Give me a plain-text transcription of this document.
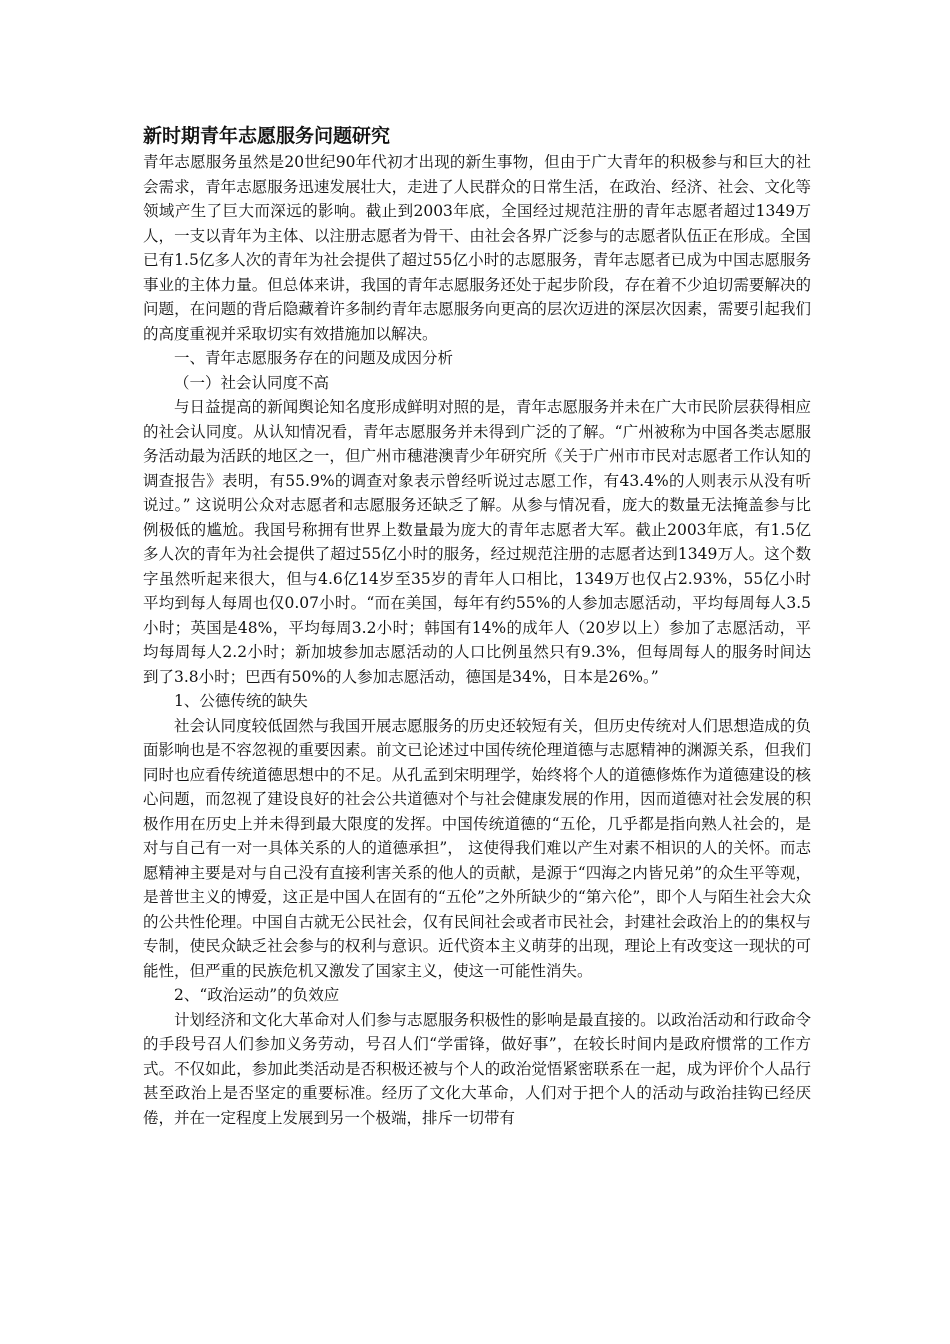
新时期青年志愿服务问题研究

青年志愿服务虽然是20世纪90年代初才出现的新生事物，但由于广大青年的积极参与和巨大的社会需求，青年志愿服务迅速发展壮大，走进了人民群众的日常生活，在政治、经济、社会、文化等领域产生了巨大而深远的影响。截止到2003年底，全国经过规范注册的青年志愿者超过1349万人，一支以青年为主体、以注册志愿者为骨干、由社会各界广泛参与的志愿者队伍正在形成。全国已有1.5亿多人次的青年为社会提供了超过55亿小时的志愿服务，青年志愿者已成为中国志愿服务事业的主体力量。但总体来讲，我国的青年志愿服务还处于起步阶段，存在着不少迫切需要解决的问题，在问题的背后隐藏着许多制约青年志愿服务向更高的层次迈进的深层次因素，需要引起我们的高度重视并采取切实有效措施加以解决。

一、青年志愿服务存在的问题及成因分析

（一）社会认同度不高

与日益提高的新闻舆论知名度形成鲜明对照的是，青年志愿服务并未在广大市民阶层获得相应的社会认同度。从认知情况看，青年志愿服务并未得到广泛的了解。“广州被称为中国各类志愿服务活动最为活跃的地区之一，但广州市穗港澳青少年研究所《关于广州市市民对志愿者工作认知的调查报告》表明，有55.9%的调查对象表示曾经听说过志愿工作，有43.4%的人则表示从没有听说过。” 这说明公众对志愿者和志愿服务还缺乏了解。从参与情况看，庞大的数量无法掩盖参与比例极低的尴尬。我国号称拥有世界上数量最为庞大的青年志愿者大军。截止2003年底，有1.5亿多人次的青年为社会提供了超过55亿小时的服务，经过规范注册的志愿者达到1349万人。这个数字虽然听起来很大，但与4.6亿14岁至35岁的青年人口相比，1349万也仅占2.93%，55亿小时平均到每人每周也仅0.07小时。“而在美国，每年有约55%的人参加志愿活动，平均每周每人3.5小时；英国是48%，平均每周3.2小时；韩国有14%的成年人（20岁以上）参加了志愿活动，平均每周每人2.2小时；新加坡参加志愿活动的人口比例虽然只有9.3%，但每周每人的服务时间达到了3.8小时；巴西有50%的人参加志愿活动，德国是34%，日本是26%。”

1、公德传统的缺失

社会认同度较低固然与我国开展志愿服务的历史还较短有关，但历史传统对人们思想造成的负面影响也是不容忽视的重要因素。前文已论述过中国传统伦理道德与志愿精神的渊源关系，但我们同时也应看传统道德思想中的不足。从孔孟到宋明理学，始终将个人的道德修炼作为道德建设的核心问题，而忽视了建设良好的社会公共道德对个与社会健康发展的作用，因而道德对社会发展的积极作用在历史上并未得到最大限度的发挥。中国传统道德的“五伦，几乎都是指向熟人社会的，是对与自己有一对一具体关系的人的道德承担”， 这使得我们难以产生对素不相识的人的关怀。而志愿精神主要是对与自己没有直接利害关系的他人的贡献，是源于“四海之内皆兄弟”的众生平等观，是普世主义的博爱，这正是中国人在固有的“五伦”之外所缺少的“第六伦”，即个人与陌生社会大众的公共性伦理。中国自古就无公民社会，仅有民间社会或者市民社会，封建社会政治上的的集权与专制，使民众缺乏社会参与的权利与意识。近代资本主义萌芽的出现，理论上有改变这一现状的可能性，但严重的民族危机又激发了国家主义，使这一可能性消失。

2、“政治运动”的负效应

计划经济和文化大革命对人们参与志愿服务积极性的影响是最直接的。以政治活动和行政命令的手段号召人们参加义务劳动，号召人们“学雷锋，做好事”，在较长时间内是政府惯常的工作方式。不仅如此，参加此类活动是否积极还被与个人的政治觉悟紧密联系在一起，成为评价个人品行甚至政治上是否坚定的重要标准。经历了文化大革命，人们对于把个人的活动与政治挂钩已经厌倦，并在一定程度上发展到另一个极端，排斥一切带有
